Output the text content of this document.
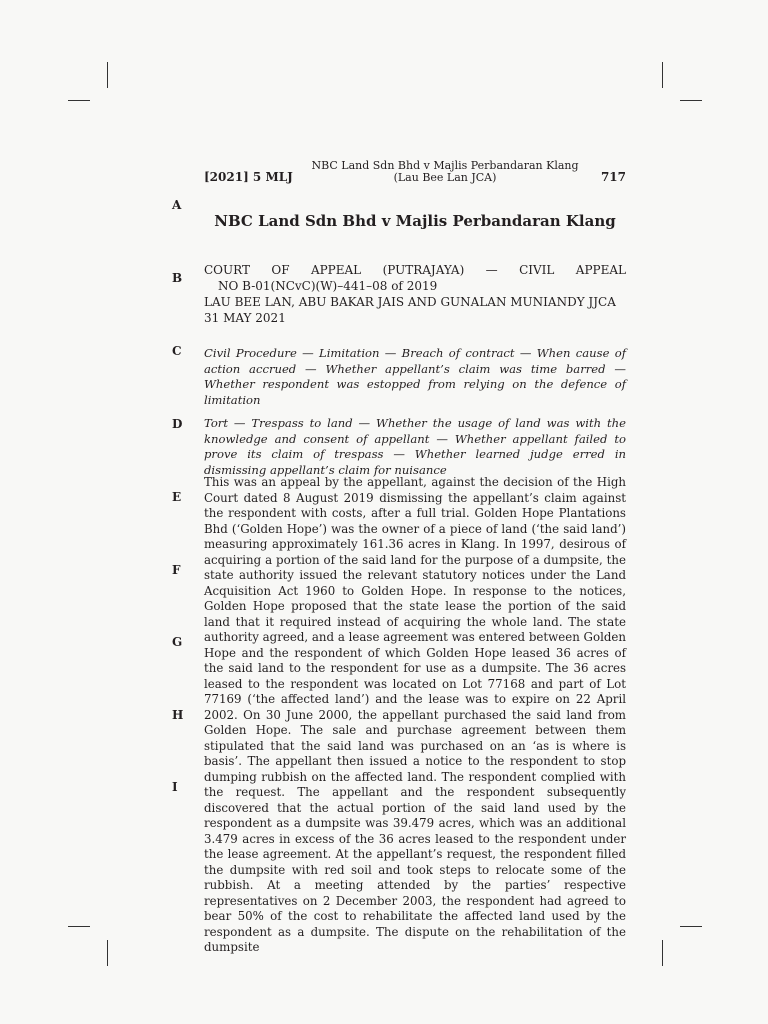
[2021] 5 MLJ
NBC Land Sdn Bhd v Majlis Perbandaran Klang
(Lau Bee Lan JCA)	717
A
B
C
D
E
F
G
H
I
NBC Land Sdn Bhd v Majlis Perbandaran Klang
COURT OF APPEAL (PUTRAJAYA) — CIVIL APPEAL
NO B-01(NCvC)(W)–441–08 of 2019
LAU BEE LAN, ABU BAKAR JAIS AND GUNALAN MUNIANDY JJCA
31 MAY 2021
Civil Procedure — Limitation — Breach of contract — When cause of action accrued — Whether appellant’s claim was time barred — Whether respondent was estopped from relying on the defence of limitation
Tort — Trespass to land — Whether the usage of land was with the knowledge and consent of appellant — Whether appellant failed to prove its claim of trespass — Whether learned judge erred in dismissing appellant’s claim for nuisance
This was an appeal by the appellant, against the decision of the High Court dated 8 August 2019 dismissing the appellant’s claim against the respondent with costs, after a full trial. Golden Hope Plantations Bhd (‘Golden Hope’) was the owner of a piece of land (‘the said land’) measuring approximately 161.36 acres in Klang. In 1997, desirous of acquiring a portion of the said land for the purpose of a dumpsite, the state authority issued the relevant statutory notices under the Land Acquisition Act 1960 to Golden Hope. In response to the notices, Golden Hope proposed that the state lease the portion of the said land that it required instead of acquiring the whole land. The state authority agreed, and a lease agreement was entered between Golden Hope and the respondent of which Golden Hope leased 36 acres of the said land to the respondent for use as a dumpsite. The 36 acres leased to the respondent was located on Lot 77168 and part of Lot 77169 (‘the affected land’) and the lease was to expire on 22 April 2002. On 30 June 2000, the appellant purchased the said land from Golden Hope. The sale and purchase agreement between them stipulated that the said land was purchased on an ‘as is where is basis’. The appellant then issued a notice to the respondent to stop dumping rubbish on the affected land. The respondent complied with the request. The appellant and the respondent subsequently discovered that the actual portion of the said land used by the respondent as a dumpsite was 39.479 acres, which was an additional 3.479 acres in excess of the 36 acres leased to the respondent under the lease agreement. At the appellant’s request, the respondent filled the dumpsite with red soil and took steps to relocate some of the rubbish. At a meeting attended by the parties’ respective representatives on 2 December 2003, the respondent had agreed to bear 50% of the cost to rehabilitate the affected land used by the respondent as a dumpsite. The dispute on the rehabilitation of the dumpsite
